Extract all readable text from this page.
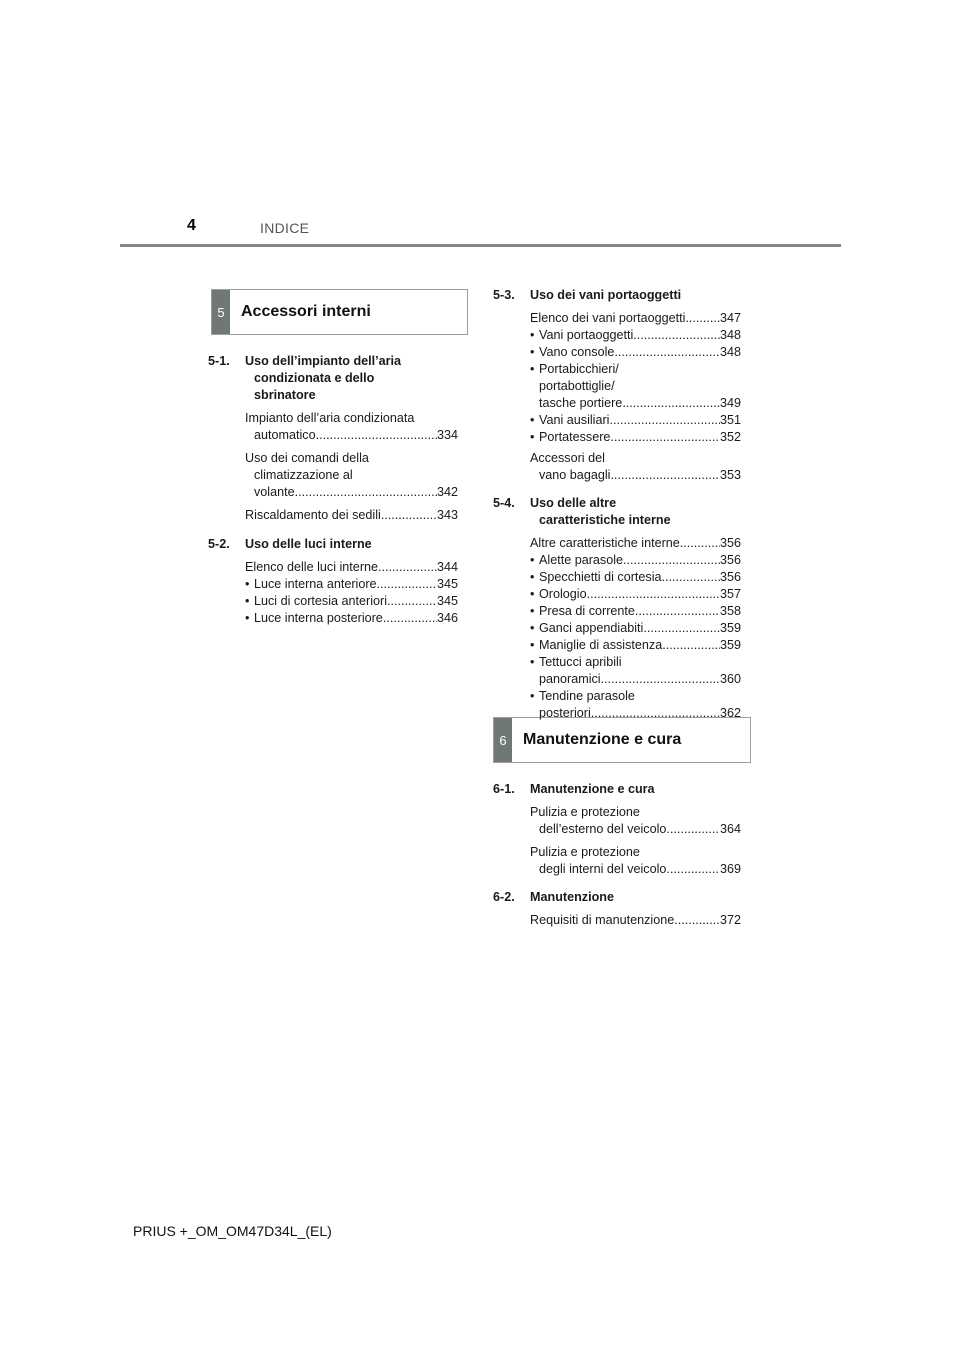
4	INDICE
5	Accessori interni
6	Manutenzione e cura
5-1.	Uso dell’impianto dell’aria
condizionata e dello
sbrinatore
Impianto dell’aria condizionata
automatico .....	334
Uso dei comandi della
climatizzazione al
volante .....	342
Riscaldamento dei sedili .....	343
5-2.	Uso delle luci interne
Elenco delle luci interne .....	344
• Luce interna anteriore .....	345
• Luci di cortesia anteriori .....	345
• Luce interna posteriore .....	346
5-3.	Uso dei vani portaoggetti
Elenco dei vani portaoggetti .....	347
• Vani portaoggetti .....	348
• Vano console .....	348
• Portabicchieri/
portabottiglie/
tasche portiere .....	349
• Vani ausiliari .....	351
• Portatessere .....	352
Accessori del
vano bagagli .....	353
5-4.	Uso delle altre
caratteristiche interne
Altre caratteristiche interne .....	356
• Alette parasole .....	356
• Specchietti di cortesia .....	356
• Orologio .....	357
• Presa di corrente .....	358
• Ganci appendiabiti .....	359
• Maniglie di assistenza .....	359
• Tettucci apribili
panoramici .....	360
• Tendine parasole
posteriori .....	362
6-1.	Manutenzione e cura
Pulizia e protezione
dell’esterno del veicolo .....	364
Pulizia e protezione
degli interni del veicolo .....	369
6-2.	Manutenzione
Requisiti di manutenzione .....	372
PRIUS +_OM_OM47D34L_(EL)
